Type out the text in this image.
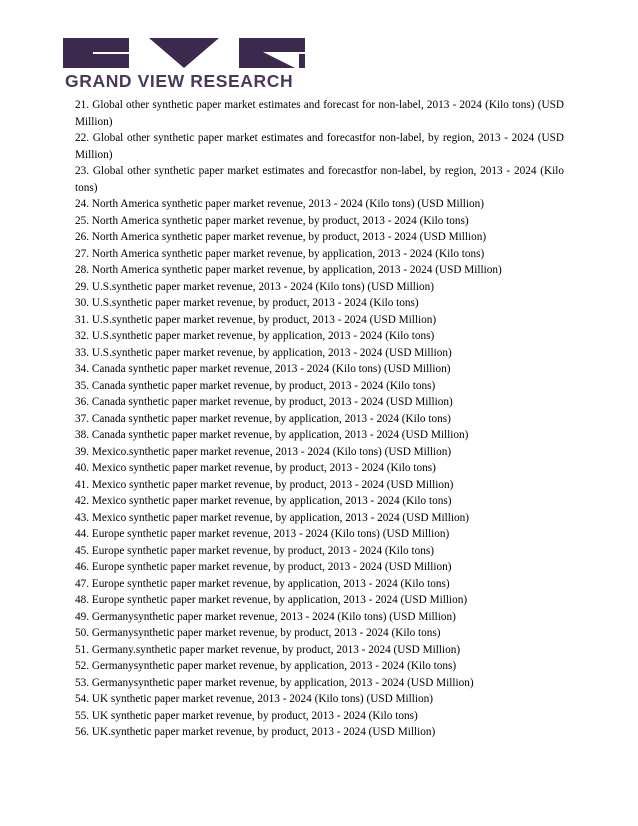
GRAND VIEW RESEARCH
21. Global other synthetic paper market estimates and forecast for non-label, 2013 - 2024 (Kilo tons) (USD Million)
22. Global other synthetic paper market estimates and forecastfor non-label, by region, 2013 - 2024 (USD Million)
23. Global other synthetic paper market estimates and forecastfor non-label, by region, 2013 - 2024 (Kilo tons)
24. North America synthetic paper market revenue, 2013 - 2024 (Kilo tons) (USD Million)
25. North America synthetic paper market revenue, by product, 2013 - 2024 (Kilo tons)
26. North America synthetic paper market revenue, by product, 2013 - 2024 (USD Million)
27. North America synthetic paper market revenue, by application, 2013 - 2024 (Kilo tons)
28. North America synthetic paper market revenue, by application, 2013 - 2024 (USD Million)
29. U.S.synthetic paper market revenue, 2013 - 2024 (Kilo tons) (USD Million)
30. U.S.synthetic paper market revenue, by product, 2013 - 2024 (Kilo tons)
31. U.S.synthetic paper market revenue, by product, 2013 - 2024 (USD Million)
32. U.S.synthetic paper market revenue, by application, 2013 - 2024 (Kilo tons)
33. U.S.synthetic paper market revenue, by application, 2013 - 2024 (USD Million)
34. Canada synthetic paper market revenue, 2013 - 2024 (Kilo tons) (USD Million)
35. Canada synthetic paper market revenue, by product, 2013 - 2024 (Kilo tons)
36. Canada synthetic paper market revenue, by product, 2013 - 2024 (USD Million)
37. Canada synthetic paper market revenue, by application, 2013 - 2024 (Kilo tons)
38. Canada synthetic paper market revenue, by application, 2013 - 2024 (USD Million)
39. Mexico.synthetic paper market revenue, 2013 - 2024 (Kilo tons) (USD Million)
40. Mexico synthetic paper market revenue, by product, 2013 - 2024 (Kilo tons)
41. Mexico synthetic paper market revenue, by product, 2013 - 2024 (USD Million)
42. Mexico synthetic paper market revenue, by application, 2013 - 2024 (Kilo tons)
43. Mexico synthetic paper market revenue, by application, 2013 - 2024 (USD Million)
44. Europe synthetic paper market revenue, 2013 - 2024 (Kilo tons) (USD Million)
45. Europe synthetic paper market revenue, by product, 2013 - 2024 (Kilo tons)
46. Europe synthetic paper market revenue, by product, 2013 - 2024 (USD Million)
47. Europe synthetic paper market revenue, by application, 2013 - 2024 (Kilo tons)
48. Europe synthetic paper market revenue, by application, 2013 - 2024 (USD Million)
49. Germanysynthetic paper market revenue, 2013 - 2024 (Kilo tons) (USD Million)
50. Germanysynthetic paper market revenue, by product, 2013 - 2024 (Kilo tons)
51. Germany.synthetic paper market revenue, by product, 2013 - 2024 (USD Million)
52. Germanysynthetic paper market revenue, by application, 2013 - 2024 (Kilo tons)
53. Germanysynthetic paper market revenue, by application, 2013 - 2024 (USD Million)
54. UK synthetic paper market revenue, 2013 - 2024 (Kilo tons) (USD Million)
55. UK synthetic paper market revenue, by product, 2013 - 2024 (Kilo tons)
56. UK.synthetic paper market revenue, by product, 2013 - 2024 (USD Million)
